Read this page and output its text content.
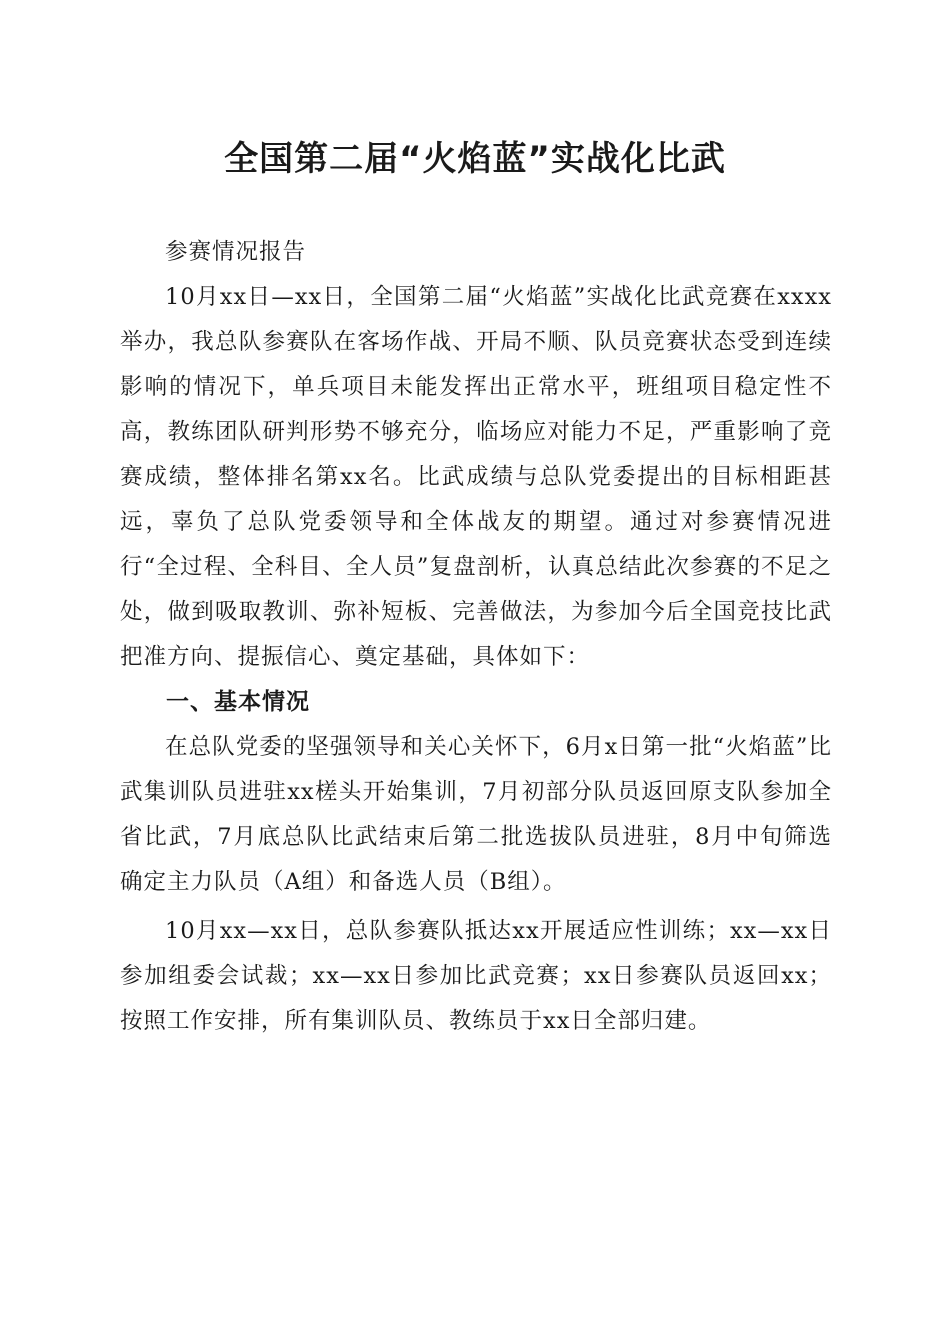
全国第二届“火焰蓝”实战化比武

参赛情况报告

10月xx日—xx日，全国第二届“火焰蓝”实战化比武竞赛在xxxx举办，我总队参赛队在客场作战、开局不顺、队员竞赛状态受到连续影响的情况下，单兵项目未能发挥出正常水平，班组项目稳定性不高，教练团队研判形势不够充分，临场应对能力不足，严重影响了竞赛成绩，整体排名第xx名。比武成绩与总队党委提出的目标相距甚远，辜负了总队党委领导和全体战友的期望。通过对参赛情况进行“全过程、全科目、全人员”复盘剖析，认真总结此次参赛的不足之处，做到吸取教训、弥补短板、完善做法，为参加今后全国竞技比武把准方向、提振信心、奠定基础，具体如下：

一、基本情况

在总队党委的坚强领导和关心关怀下，6月x日第一批“火焰蓝”比武集训队员进驻xx槎头开始集训，7月初部分队员返回原支队参加全省比武，7月底总队比武结束后第二批选拔队员进驻，8月中旬筛选确定主力队员（A组）和备选人员（B组）。

10月xx—xx日，总队参赛队抵达xx开展适应性训练；xx—xx日参加组委会试裁；xx—xx日参加比武竞赛；xx日参赛队员返回xx；按照工作安排，所有集训队员、教练员于xx日全部归建。
